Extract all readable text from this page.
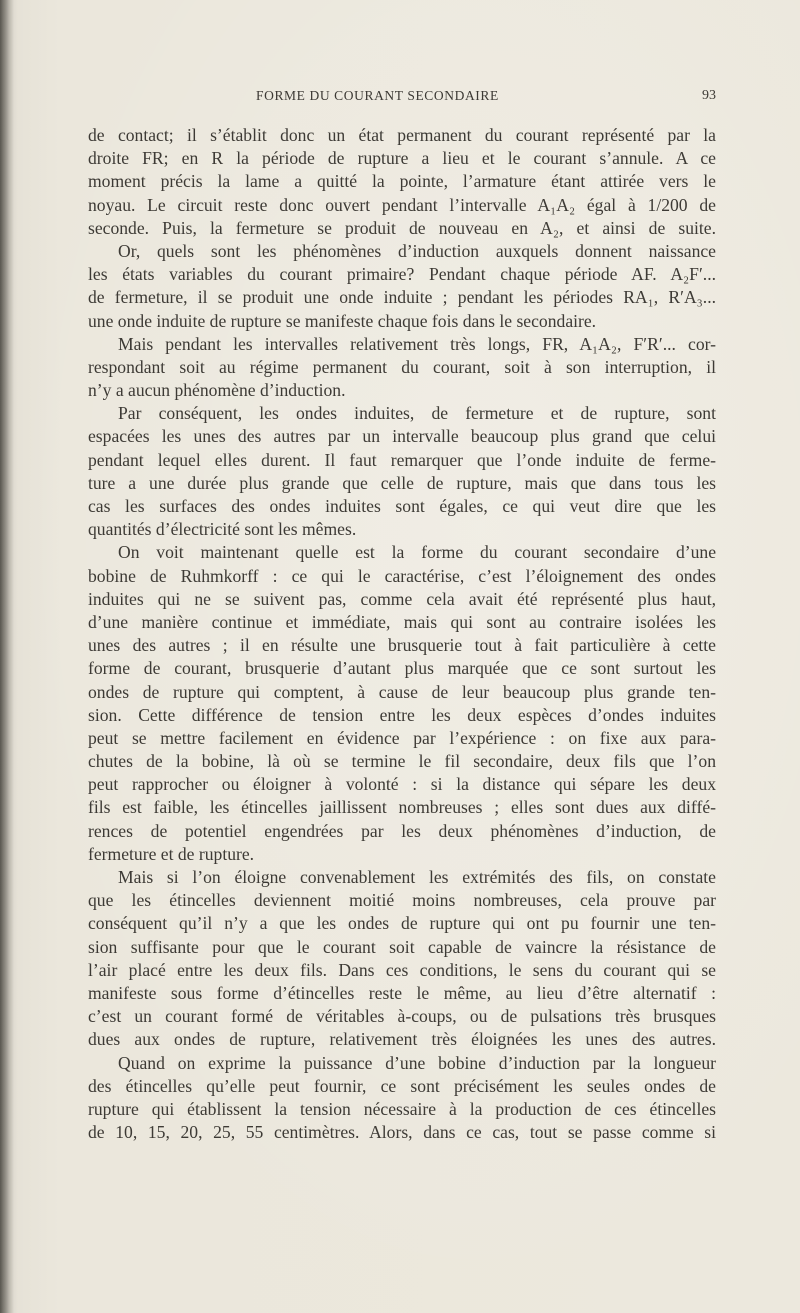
FORME DU COURANT SECONDAIRE	93
de contact; il s’établit donc un état permanent du courant représenté par la
droite FR; en R la période de rupture a lieu et le courant s’annule. A ce
moment précis la lame a quitté la pointe, l’armature étant attirée vers le
noyau. Le circuit reste donc ouvert pendant l’intervalle A₁A₂ égal à 1/200 de
seconde. Puis, la fermeture se produit de nouveau en A₂, et ainsi de suite.
Or, quels sont les phénomènes d’induction auxquels donnent naissance
les états variables du courant primaire? Pendant chaque période AF. A₂F′...
de fermeture, il se produit une onde induite ; pendant les périodes RA₁, R′A₃...
une onde induite de rupture se manifeste chaque fois dans le secondaire.
Mais pendant les intervalles relativement très longs, FR, A₁A₂, F′R′... cor-
respondant soit au régime permanent du courant, soit à son interruption, il
n’y a aucun phénomène d’induction.
Par conséquent, les ondes induites, de fermeture et de rupture, sont
espacées les unes des autres par un intervalle beaucoup plus grand que celui
pendant lequel elles durent. Il faut remarquer que l’onde induite de ferme-
ture a une durée plus grande que celle de rupture, mais que dans tous les
cas les surfaces des ondes induites sont égales, ce qui veut dire que les
quantités d’électricité sont les mêmes.
On voit maintenant quelle est la forme du courant secondaire d’une
bobine de Ruhmkorff : ce qui le caractérise, c’est l’éloignement des ondes
induites qui ne se suivent pas, comme cela avait été représenté plus haut,
d’une manière continue et immédiate, mais qui sont au contraire isolées les
unes des autres ; il en résulte une brusquerie tout à fait particulière à cette
forme de courant, brusquerie d’autant plus marquée que ce sont surtout les
ondes de rupture qui comptent, à cause de leur beaucoup plus grande ten-
sion. Cette différence de tension entre les deux espèces d’ondes induites
peut se mettre facilement en évidence par l’expérience : on fixe aux para-
chutes de la bobine, là où se termine le fil secondaire, deux fils que l’on
peut rapprocher ou éloigner à volonté : si la distance qui sépare les deux
fils est faible, les étincelles jaillissent nombreuses ; elles sont dues aux diffé-
rences de potentiel engendrées par les deux phénomènes d’induction, de
fermeture et de rupture.
Mais si l’on éloigne convenablement les extrémités des fils, on constate
que les étincelles deviennent moitié moins nombreuses, cela prouve par
conséquent qu’il n’y a que les ondes de rupture qui ont pu fournir une ten-
sion suffisante pour que le courant soit capable de vaincre la résistance de
l’air placé entre les deux fils. Dans ces conditions, le sens du courant qui se
manifeste sous forme d’étincelles reste le même, au lieu d’être alternatif :
c’est un courant formé de véritables à-coups, ou de pulsations très brusques
dues aux ondes de rupture, relativement très éloignées les unes des autres.
Quand on exprime la puissance d’une bobine d’induction par la longueur
des étincelles qu’elle peut fournir, ce sont précisément les seules ondes de
rupture qui établissent la tension nécessaire à la production de ces étincelles
de 10, 15, 20, 25, 55 centimètres. Alors, dans ce cas, tout se passe comme si
